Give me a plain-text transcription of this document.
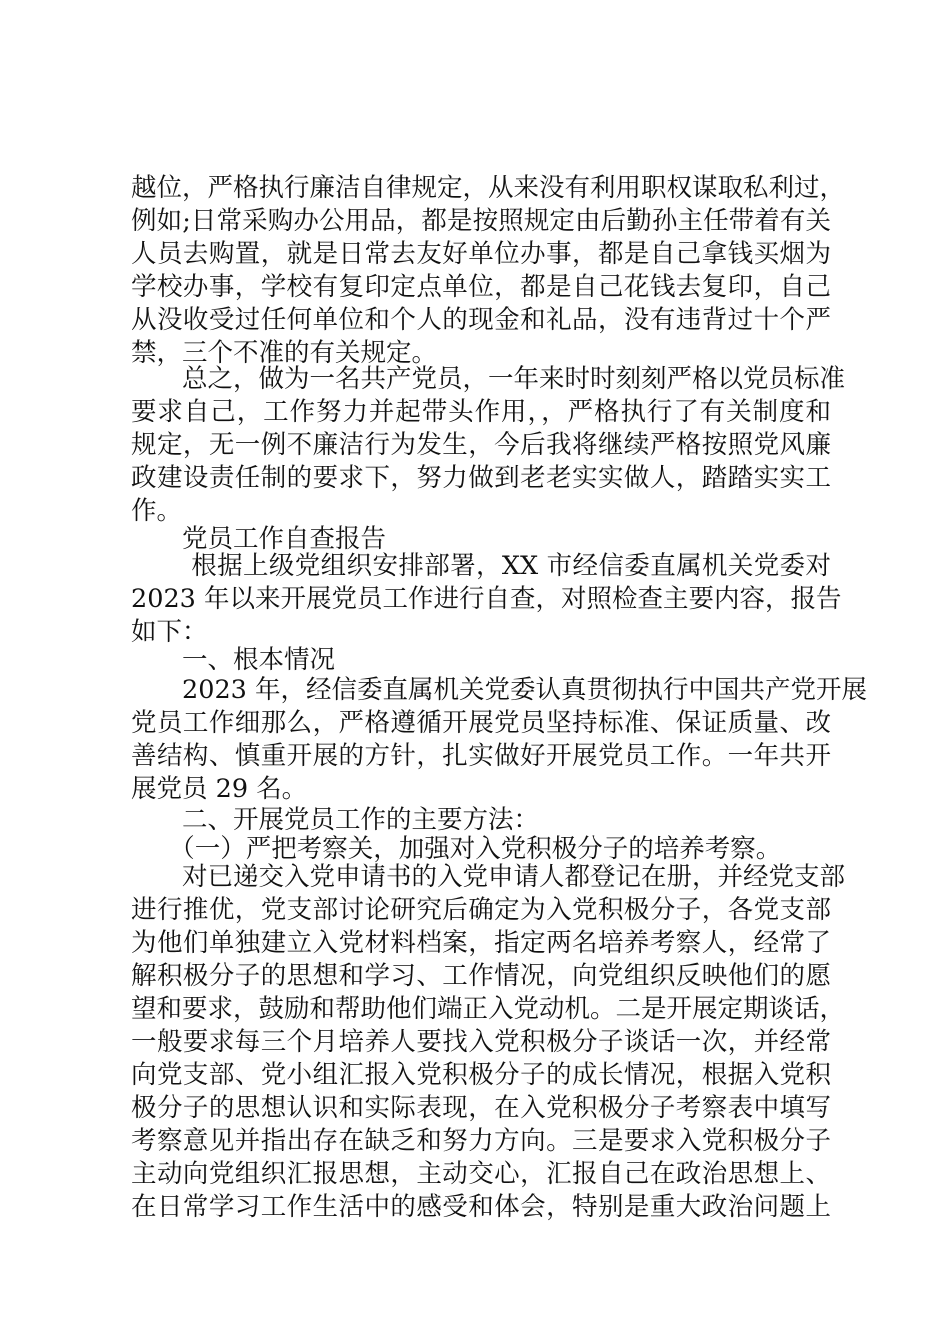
越位，严格执行廉洁自律规定，从来没有利用职权谋取私利过，
例如;日常采购办公用品，都是按照规定由后勤孙主任带着有关
人员去购置，就是日常去友好单位办事，都是自己拿钱买烟为
学校办事，学校有复印定点单位，都是自己花钱去复印，自己
从没收受过任何单位和个人的现金和礼品，没有违背过十个严
禁，三个不准的有关规定。
　　总之，做为一名共产党员，一年来时时刻刻严格以党员标准
要求自己，工作努力并起带头作用，，严格执行了有关制度和
规定，无一例不廉洁行为发生，今后我将继续严格按照党风廉
政建设责任制的要求下，努力做到老老实实做人，踏踏实实工
作。
　　党员工作自查报告
　　 根据上级党组织安排部署，XX 市经信委直属机关党委对
2023 年以来开展党员工作进行自查，对照检查主要内容，报告
如下：
　　一、根本情况
　　2023 年，经信委直属机关党委认真贯彻执行中国共产党开展
党员工作细那么，严格遵循开展党员坚持标准、保证质量、改
善结构、慎重开展的方针，扎实做好开展党员工作。一年共开
展党员 29 名。
　　二、开展党员工作的主要方法：
　　（一）严把考察关，加强对入党积极分子的培养考察。
　　对已递交入党申请书的入党申请人都登记在册，并经党支部
进行推优，党支部讨论研究后确定为入党积极分子，各党支部
为他们单独建立入党材料档案，指定两名培养考察人，经常了
解积极分子的思想和学习、工作情况，向党组织反映他们的愿
望和要求，鼓励和帮助他们端正入党动机。二是开展定期谈话，
一般要求每三个月培养人要找入党积极分子谈话一次，并经常
向党支部、党小组汇报入党积极分子的成长情况，根据入党积
极分子的思想认识和实际表现，在入党积极分子考察表中填写
考察意见并指出存在缺乏和努力方向。三是要求入党积极分子
主动向党组织汇报思想，主动交心，汇报自己在政治思想上、
在日常学习工作生活中的感受和体会，特别是重大政治问题上
